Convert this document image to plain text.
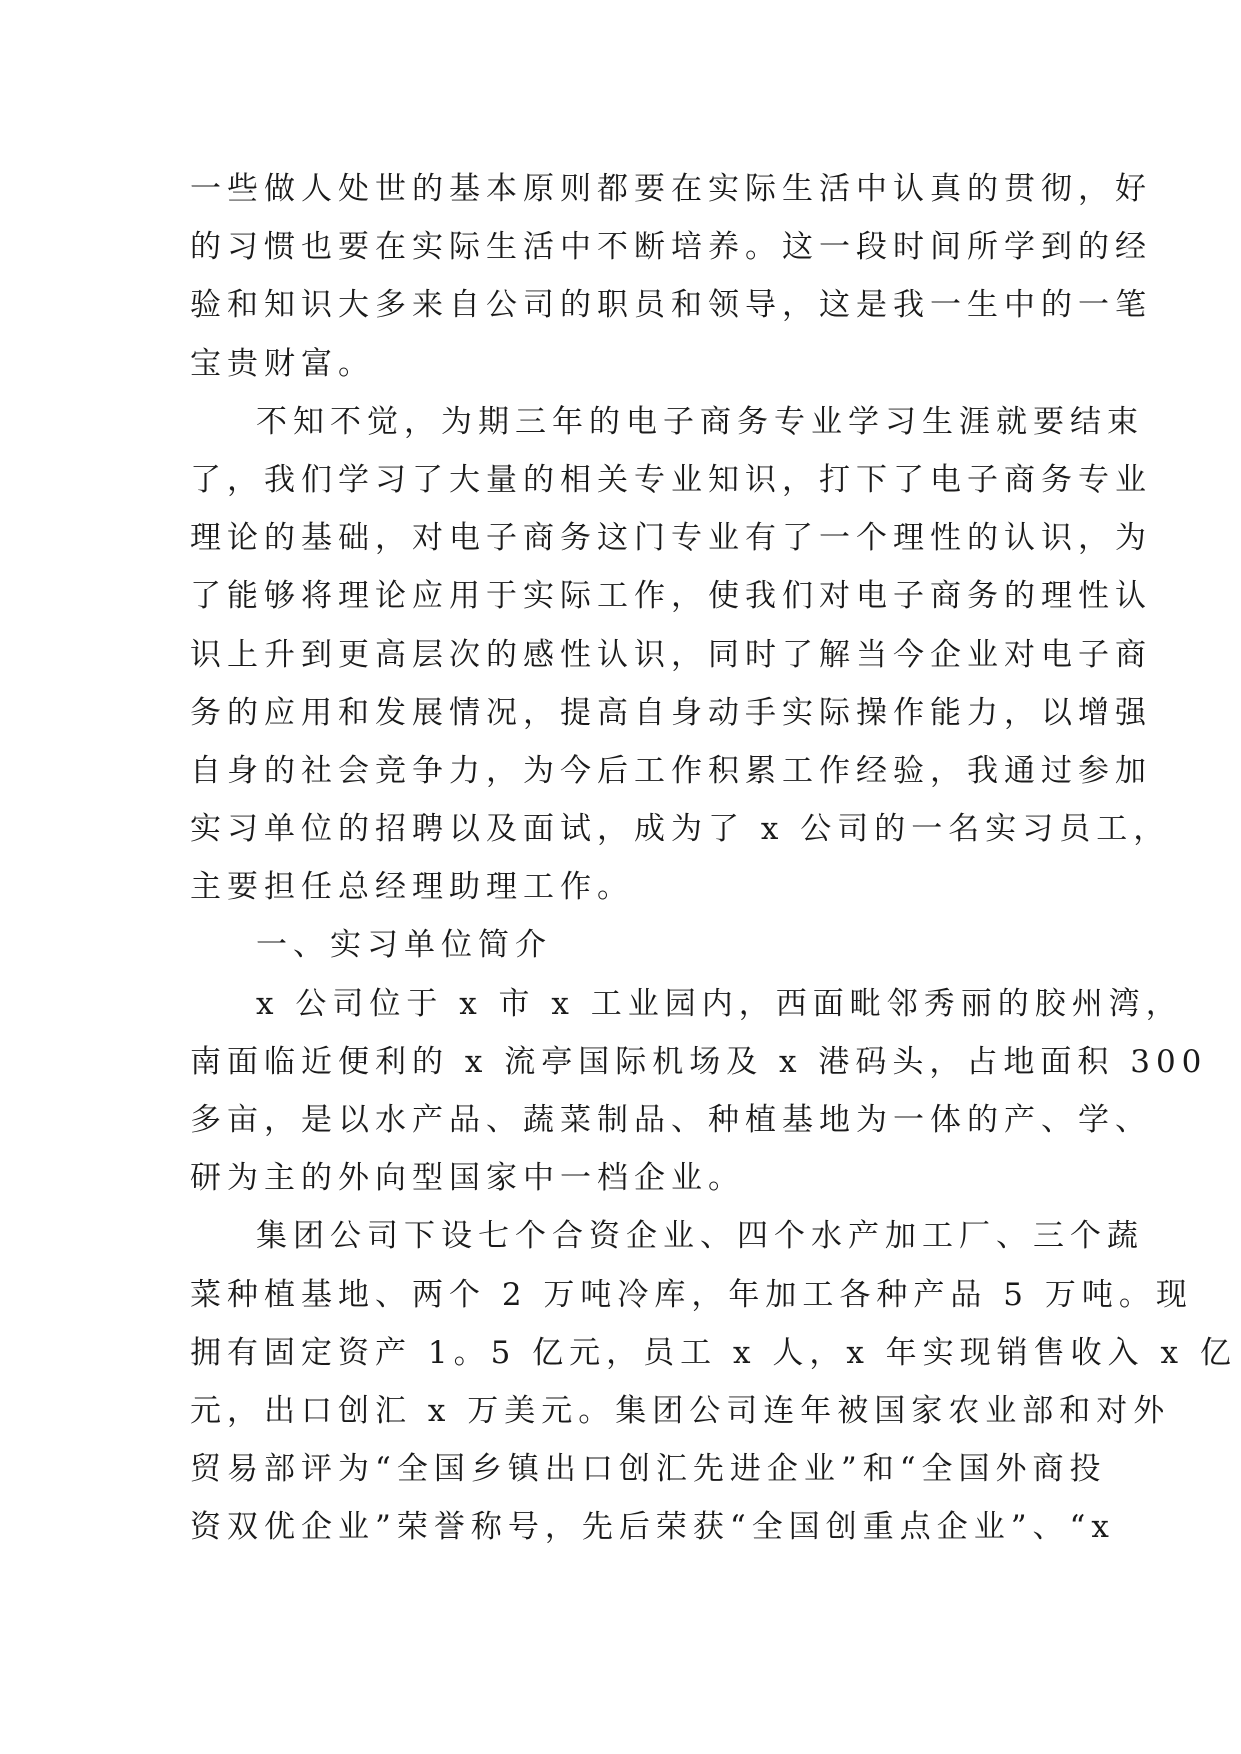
一些做人处世的基本原则都要在实际生活中认真的贯彻，好
的习惯也要在实际生活中不断培养。这一段时间所学到的经
验和知识大多来自公司的职员和领导，这是我一生中的一笔
宝贵财富。
不知不觉，为期三年的电子商务专业学习生涯就要结束
了，我们学习了大量的相关专业知识，打下了电子商务专业
理论的基础，对电子商务这门专业有了一个理性的认识，为
了能够将理论应用于实际工作，使我们对电子商务的理性认
识上升到更高层次的感性认识，同时了解当今企业对电子商
务的应用和发展情况，提高自身动手实际操作能力，以增强
自身的社会竞争力，为今后工作积累工作经验，我通过参加
实习单位的招聘以及面试，成为了 x 公司的一名实习员工，
主要担任总经理助理工作。
一、实习单位简介
x 公司位于 x 市 x 工业园内，西面毗邻秀丽的胶州湾，
南面临近便利的 x 流亭国际机场及 x 港码头，占地面积 300
多亩，是以水产品、蔬菜制品、种植基地为一体的产、学、
研为主的外向型国家中一档企业。
集团公司下设七个合资企业、四个水产加工厂、三个蔬
菜种植基地、两个 2 万吨冷库，年加工各种产品 5 万吨。现
拥有固定资产 1。5 亿元，员工 x 人，x 年实现销售收入 x 亿
元，出口创汇 x 万美元。集团公司连年被国家农业部和对外
贸易部评为“全国乡镇出口创汇先进企业”和“全国外商投
资双优企业”荣誉称号，先后荣获“全国创重点企业”、“x
